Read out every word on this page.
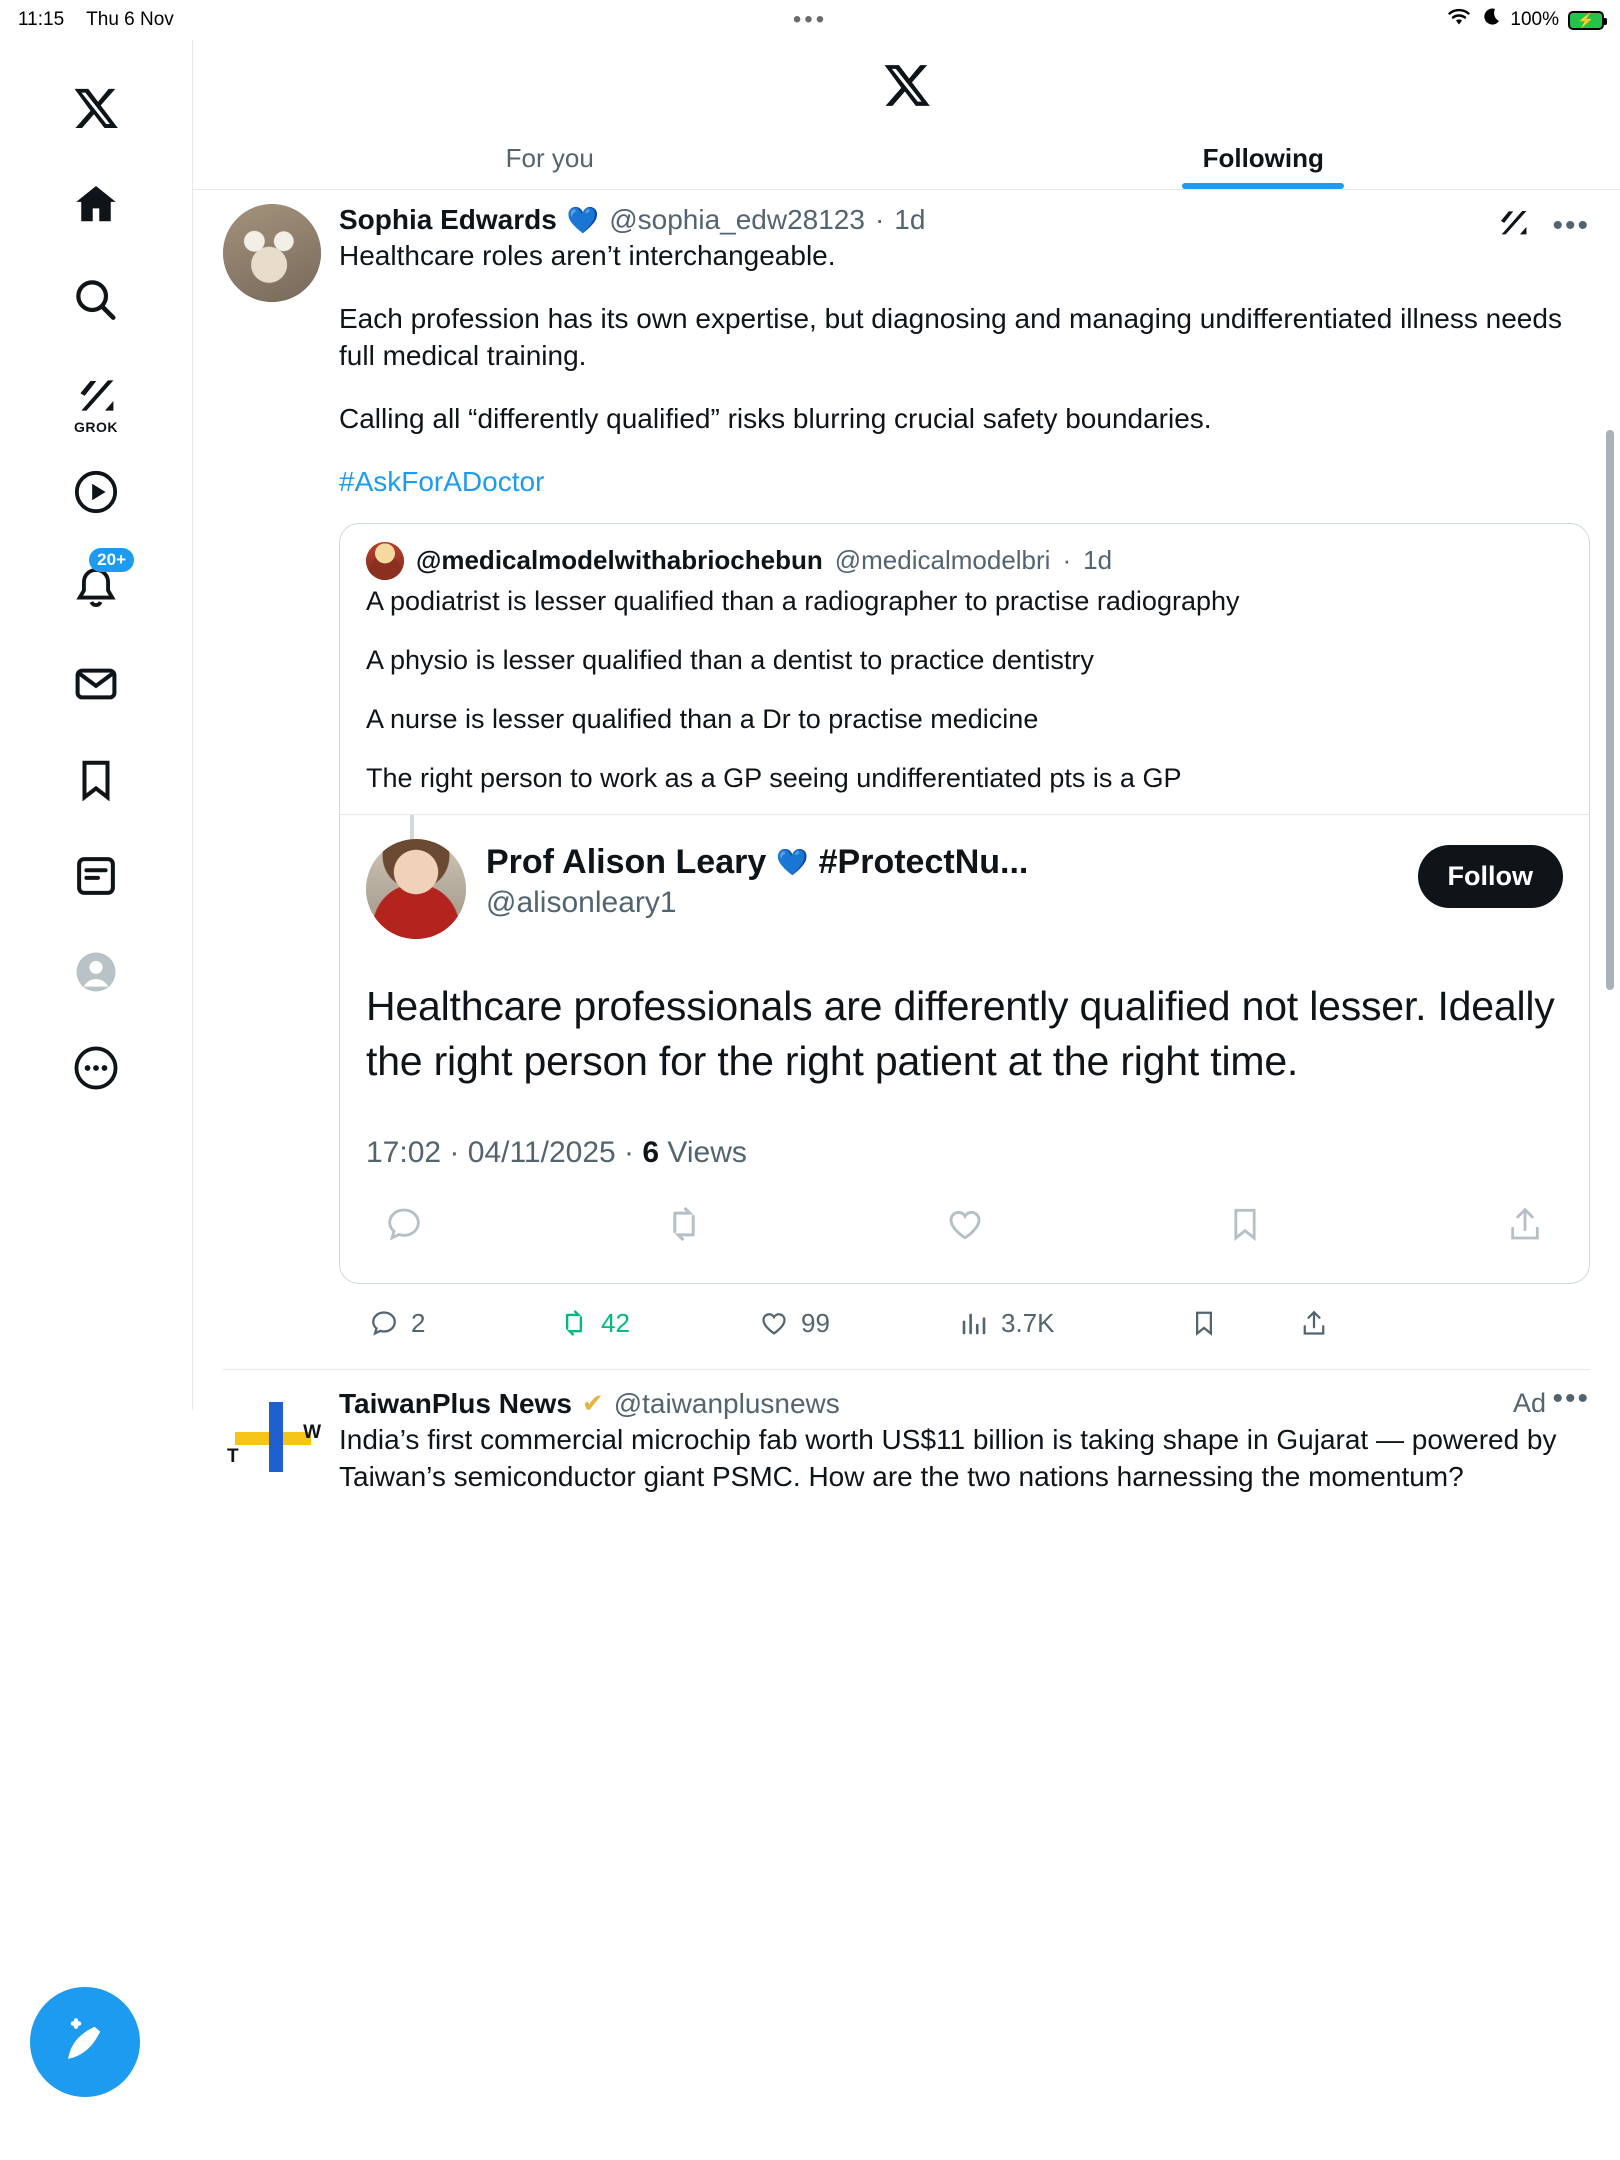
11:15 Thu 6 Nov	•••	100% ⚡
GROK
20+
For you	Following
Sophia Edwards 💙 @sophia_edw28123 · 1d

Healthcare roles aren’t interchangeable.

Each profession has its own expertise, but diagnosing and managing undifferentiated illness needs full medical training.

Calling all “differently qualified” risks blurring crucial safety boundaries.

#AskForADoctor

@medicalmodelwithabriochebun @medicalmodelbri · 1d

A podiatrist is lesser qualified than a radiographer to practise radiography

A physio is lesser qualified than a dentist to practice dentistry

A nurse is lesser qualified than a Dr to practise medicine

The right person to work as a GP seeing undifferentiated pts is a GP

Prof Alison Leary 💙 #ProtectNu...
@alisonleary1
Follow
Healthcare professionals are differently qualified not lesser. Ideally the right person for the right patient at the right time.
17:02 · 04/11/2025 · 6 Views
2	42	99	3.7K
•••
T
W
TaiwanPlus News ✔ @taiwanplusnews

India’s first commercial microchip fab worth US$11 billion is taking shape in Gujarat — powered by Taiwan’s semiconductor giant PSMC. How are the two nations harnessing the momentum?

Ad •••
